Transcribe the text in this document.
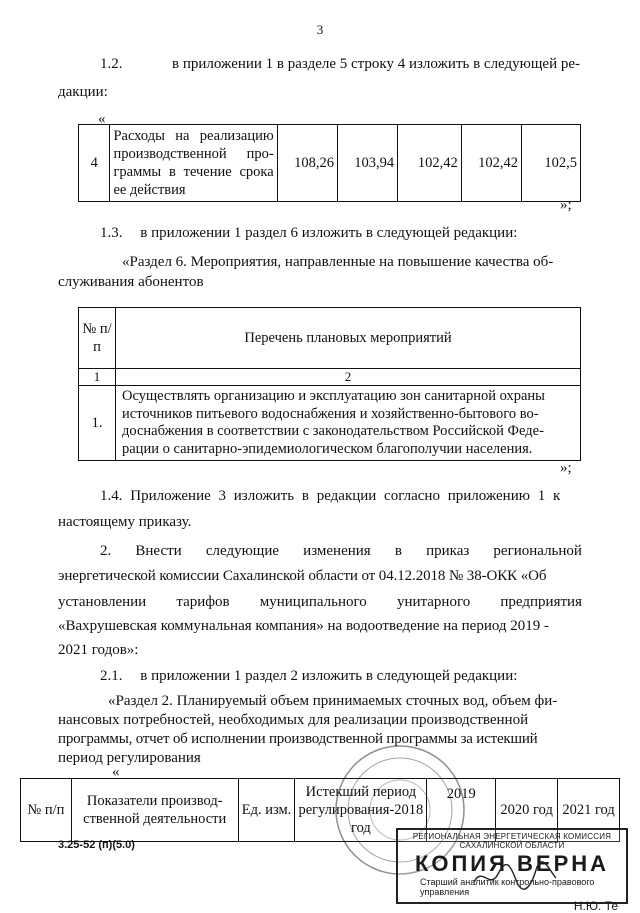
3
1.2.	в приложении 1 в разделе 5 строку 4 изложить в следующей ре-
дакции:
«
4	Расходы на реализацию производственной про-граммы в течение срока ее действия	108,26	103,94	102,42	102,42	102,5
»;
1.3. в приложении 1 раздел 6 изложить в следующей редакции:
«Раздел 6. Мероприятия, направленные на повышение качества об-
служивания абонентов
№ п/п	Перечень плановых мероприятий
1	2
1.	Осуществлять организацию и эксплуатацию зон санитарной охраны
источников питьевого водоснабжения и хозяйственно-бытового во-
доснабжения в соответствии с законодательством Российской Феде-
рации о санитарно-эпидемиологическом благополучии населения.
»;
1.4. Приложение 3 изложить в редакции согласно приложению 1 к
настоящему приказу.
2. Внести следующие изменения в приказ региональной
энергетической комиссии Сахалинской области от 04.12.2018 № 38-ОКК «Об
установлении тарифов муниципального унитарного предприятия
«Вахрушевская коммунальная компания» на водоотведение на период 2019 -
2021 годов»:
2.1. в приложении 1 раздел 2 изложить в следующей редакции:
«Раздел 2. Планируемый объем принимаемых сточных вод, объем фи-
нансовых потребностей, необходимых для реализации производственной
программы, отчет об исполнении производственной программы за истекший
период регулирования
«
№ п/п	Показатели производ-ственной деятельности	Ед. изм.	Истекший период регулирования-2018 год	2019	2020 год	2021 год
3.25-52 (п)(5.0)
РЕГИОНАЛЬНАЯ ЭНЕРГЕТИЧЕСКАЯ КОМИССИЯ САХАЛИНСКОЙ ОБЛАСТИ
КОПИЯ ВЕРНА
Старший аналитик контрольно-правового управления
Н.Ю. Те
